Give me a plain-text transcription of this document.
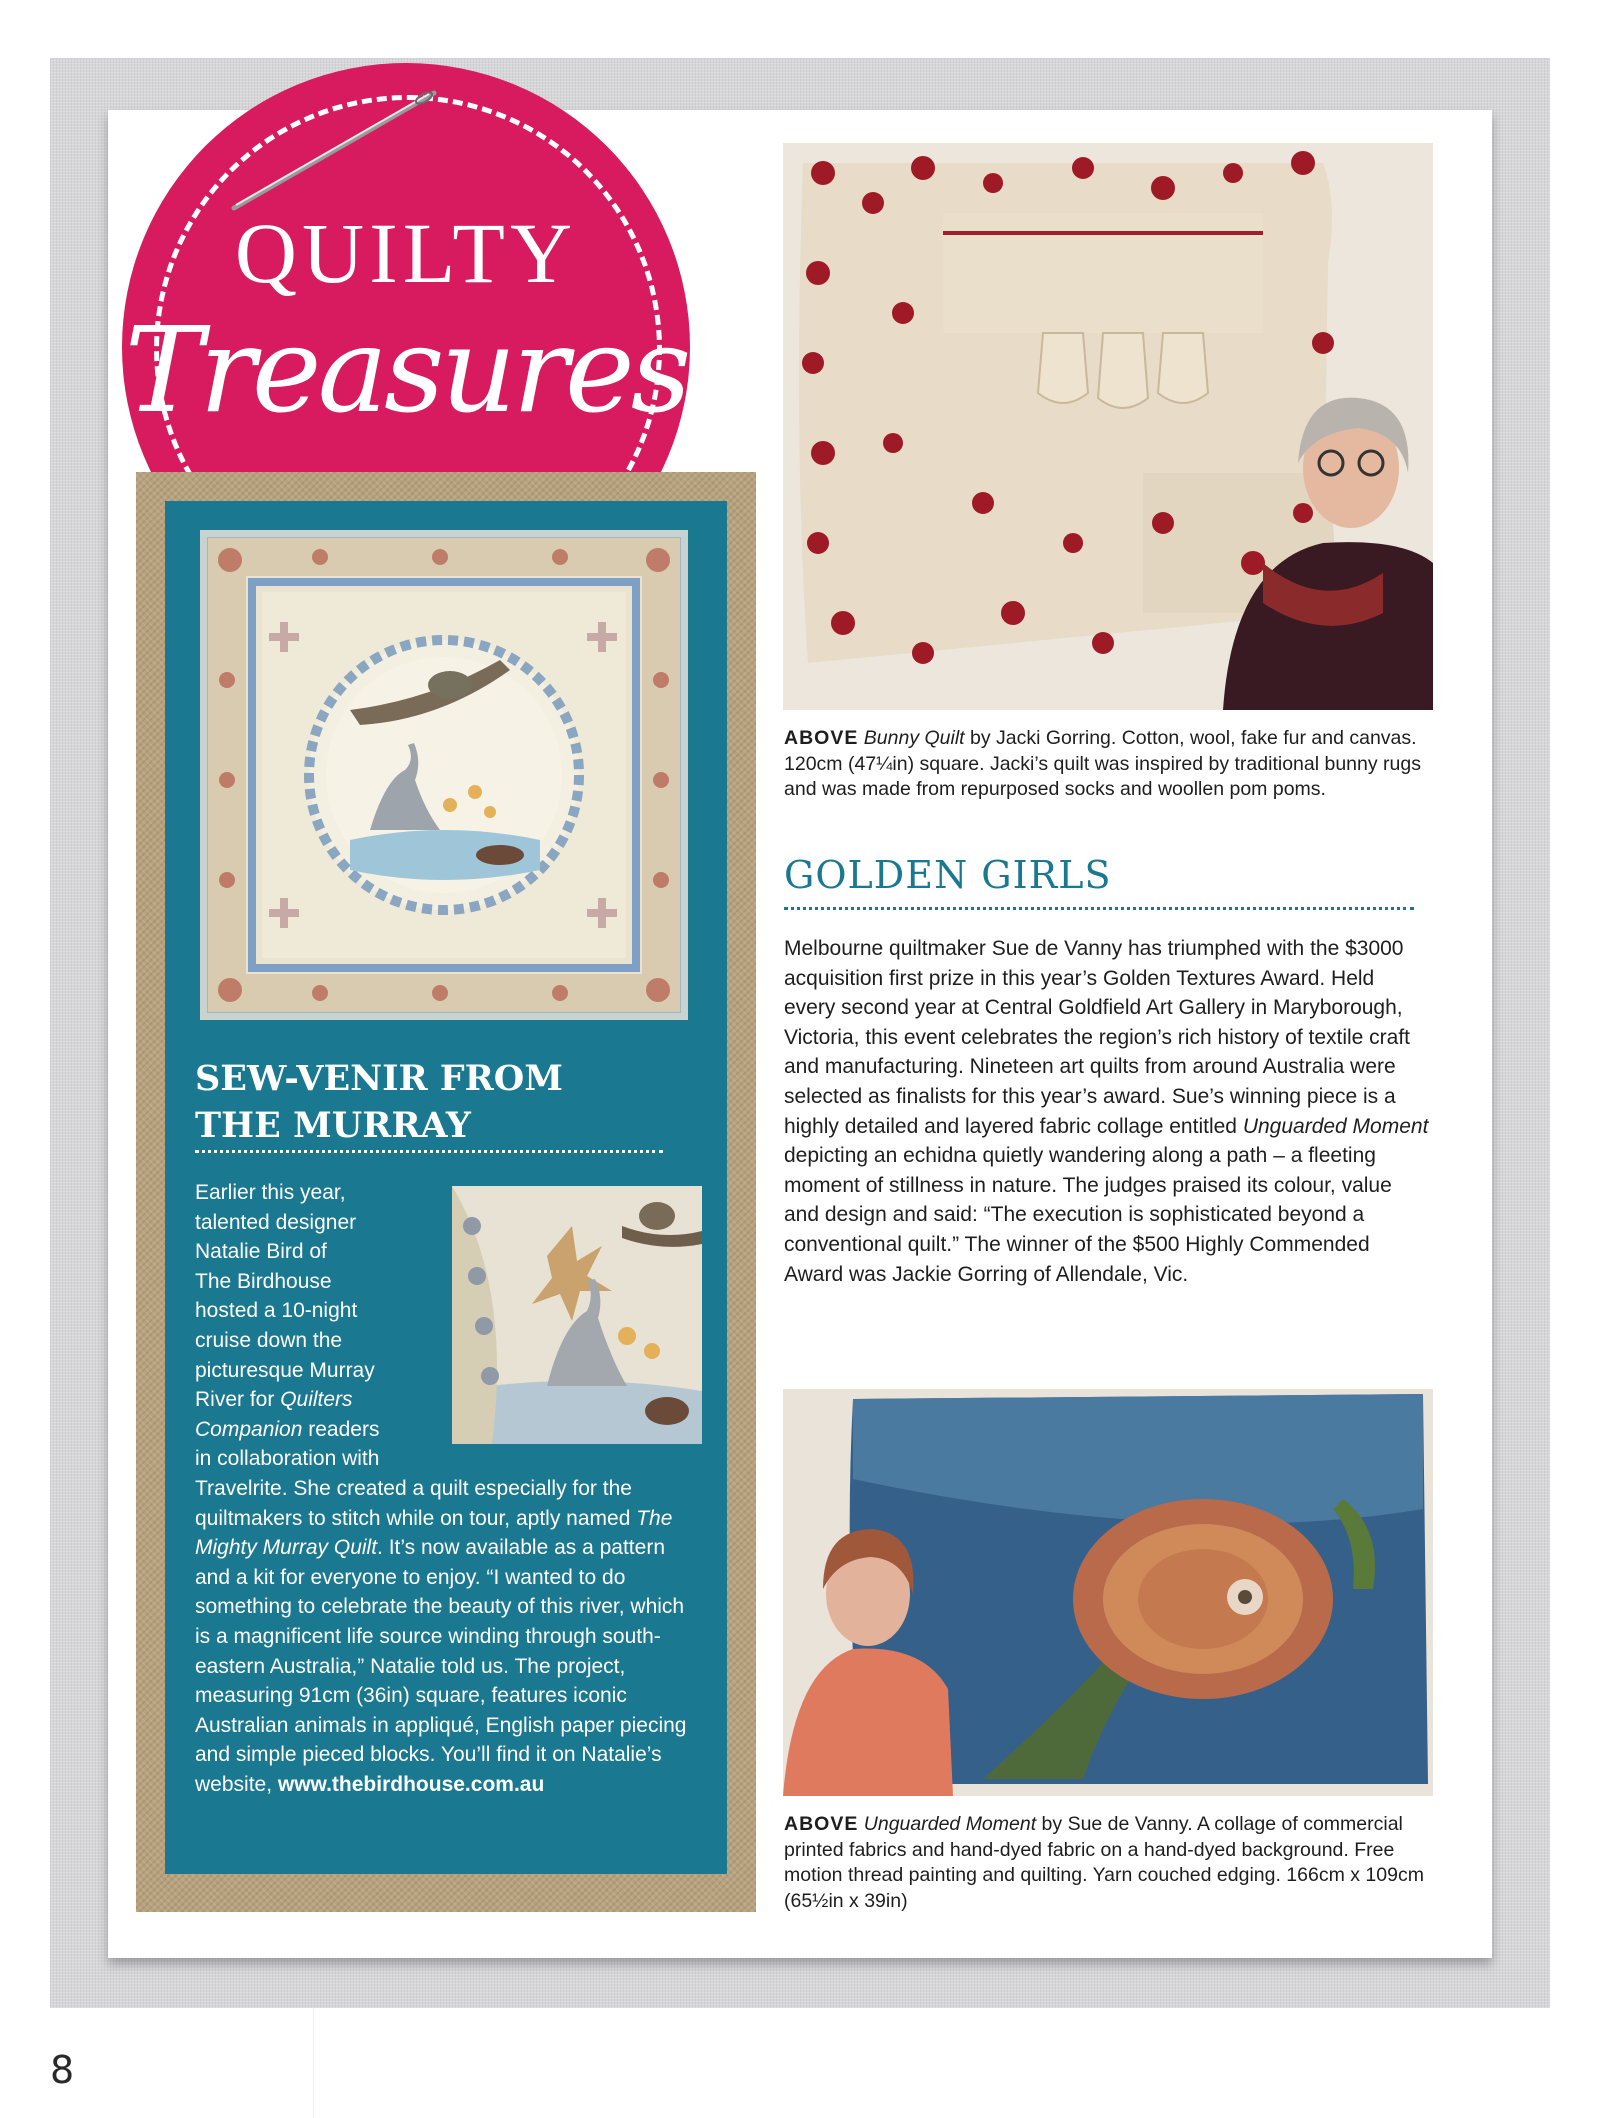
QUILTY
Treasures
SEW-VENIR FROM
THE MURRAY

Earlier this year,
talented designer
Natalie Bird of
The Birdhouse
hosted a 10-night
cruise down the
picturesque Murray
River for Quilters
Companion readers
in collaboration with

Travelrite. She created a quilt especially for the quiltmakers to stitch while on tour, aptly named The Mighty Murray Quilt. It’s now available as a pattern and a kit for everyone to enjoy. “I wanted to do something to celebrate the beauty of this river, which is a magnificent life source winding through south-eastern Australia,” Natalie told us. The project, measuring 91cm (36in) square, features iconic Australian animals in appliqué, English paper piecing and simple pieced blocks. You’ll find it on Natalie’s website, www.thebirdhouse.com.au

ABOVE Bunny Quilt by Jacki Gorring. Cotton, wool, fake fur and canvas. 120cm (47¼in) square. Jacki’s quilt was inspired by traditional bunny rugs and was made from repurposed socks and woollen pom poms.
GOLDEN GIRLS

Melbourne quiltmaker Sue de Vanny has triumphed with the $3000 acquisition first prize in this year’s Golden Textures Award. Held every second year at Central Goldfield Art Gallery in Maryborough, Victoria, this event celebrates the region’s rich history of textile craft and manufacturing. Nineteen art quilts from around Australia were selected as finalists for this year’s award. Sue’s winning piece is a highly detailed and layered fabric collage entitled Unguarded Moment depicting an echidna quietly wandering along a path – a fleeting moment of stillness in nature. The judges praised its colour, value and design and said: “The execution is sophisticated beyond a conventional quilt.” The winner of the $500 Highly Commended Award was Jackie Gorring of Allendale, Vic.

ABOVE Unguarded Moment by Sue de Vanny. A collage of commercial printed fabrics and hand-dyed fabric on a hand-dyed background. Free motion thread painting and quilting. Yarn couched edging. 166cm x 109cm (65½in x 39in)

8
